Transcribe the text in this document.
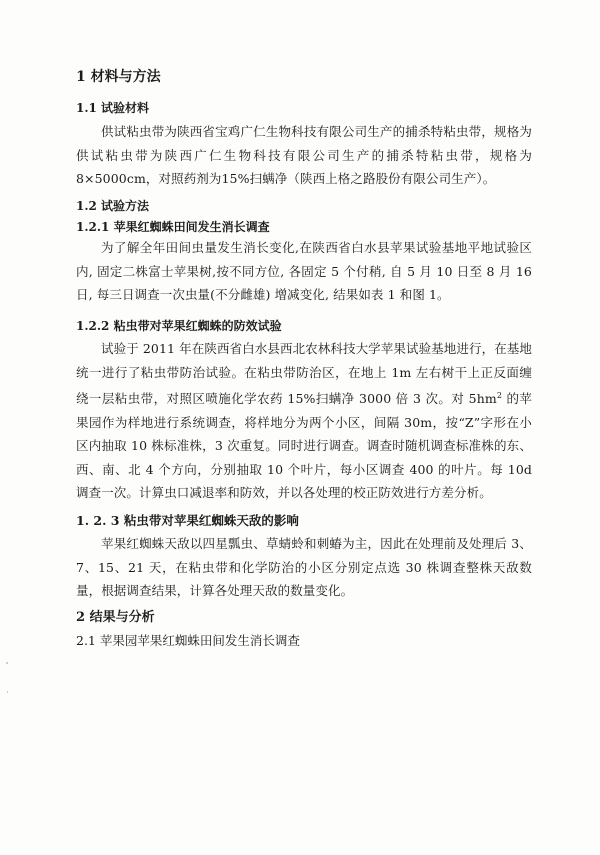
1 材料与方法
1.1 试验材料

供试粘虫带为陕西省宝鸡广仁生物科技有限公司生产的捕杀特粘虫带，规格为供试粘虫带为陕西广仁生物科技有限公司生产的捕杀特粘虫带，规格为8×5000cm，对照药剂为15%扫螨净（陕西上格之路股份有限公司生产）。

1.2 试验方法
1.2.1 苹果红蜘蛛田间发生消长调查

为了解全年田间虫量发生消长变化,在陕西省白水县苹果试验基地平地试验区内, 固定二株富士苹果树,按不同方位, 各固定 5 个付稍, 自 5 月 10 日至 8 月 16 日, 每三日调查一次虫量(不分雌雄) 增减变化, 结果如表 1 和图 1。

1.2.2 粘虫带对苹果红蜘蛛的防效试验

试验于 2011 年在陕西省白水县西北农林科技大学苹果试验基地进行，在基地统一进行了粘虫带防治试验。在粘虫带防治区，在地上 1m 左右树干上正反面缠绕一层粘虫带，对照区喷施化学农药 15%扫螨净 3000 倍 3 次。对 $5hm^2$ 的苹果园作为样地进行系统调查，将样地分为两个小区，间隔 30m，按“Z”字形在小区内抽取 10 株标准株，3 次重复。同时进行调查。调查时随机调查标准株的东、西、南、北 4 个方向，分别抽取 10 个叶片，每小区调查 400 的叶片。每 10d 调查一次。计算虫口减退率和防效，并以各处理的校正防效进行方差分析。

1. 2. 3 粘虫带对苹果红蜘蛛天敌的影响

苹果红蜘蛛天敌以四星瓢虫、草蜻蛉和刺蝽为主，因此在处理前及处理后 3、7、15、21 天，在粘虫带和化学防治的小区分别定点选 30 株调查整株天敌数量，根据调查结果，计算各处理天敌的数量变化。

2 结果与分析
2.1 苹果园苹果红蜘蛛田间发生消长调查
